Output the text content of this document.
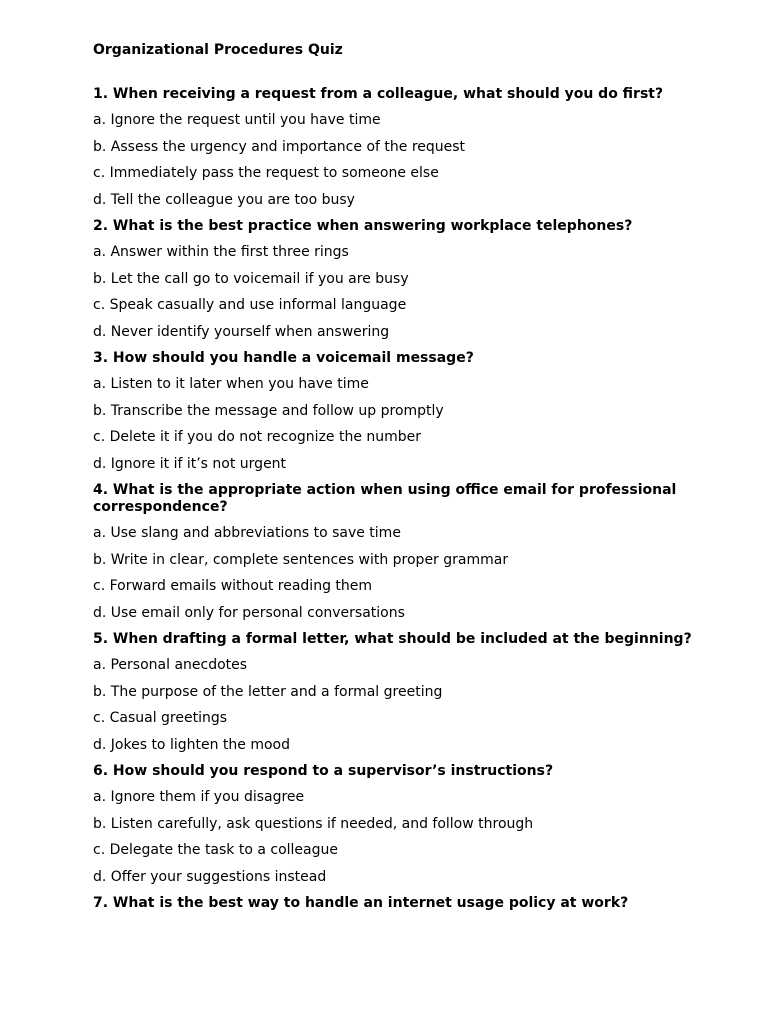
Organizational Procedures Quiz
1. When receiving a request from a colleague, what should you do first?
a. Ignore the request until you have time
b. Assess the urgency and importance of the request
c. Immediately pass the request to someone else
d. Tell the colleague you are too busy
2. What is the best practice when answering workplace telephones?
a. Answer within the first three rings
b. Let the call go to voicemail if you are busy
c. Speak casually and use informal language
d. Never identify yourself when answering
3. How should you handle a voicemail message?
a. Listen to it later when you have time
b. Transcribe the message and follow up promptly
c. Delete it if you do not recognize the number
d. Ignore it if it’s not urgent
4. What is the appropriate action when using office email for professional correspondence?
a. Use slang and abbreviations to save time
b. Write in clear, complete sentences with proper grammar
c. Forward emails without reading them
d. Use email only for personal conversations
5. When drafting a formal letter, what should be included at the beginning?
a. Personal anecdotes
b. The purpose of the letter and a formal greeting
c. Casual greetings
d. Jokes to lighten the mood
6. How should you respond to a supervisor’s instructions?
a. Ignore them if you disagree
b. Listen carefully, ask questions if needed, and follow through
c. Delegate the task to a colleague
d. Offer your suggestions instead
7. What is the best way to handle an internet usage policy at work?
